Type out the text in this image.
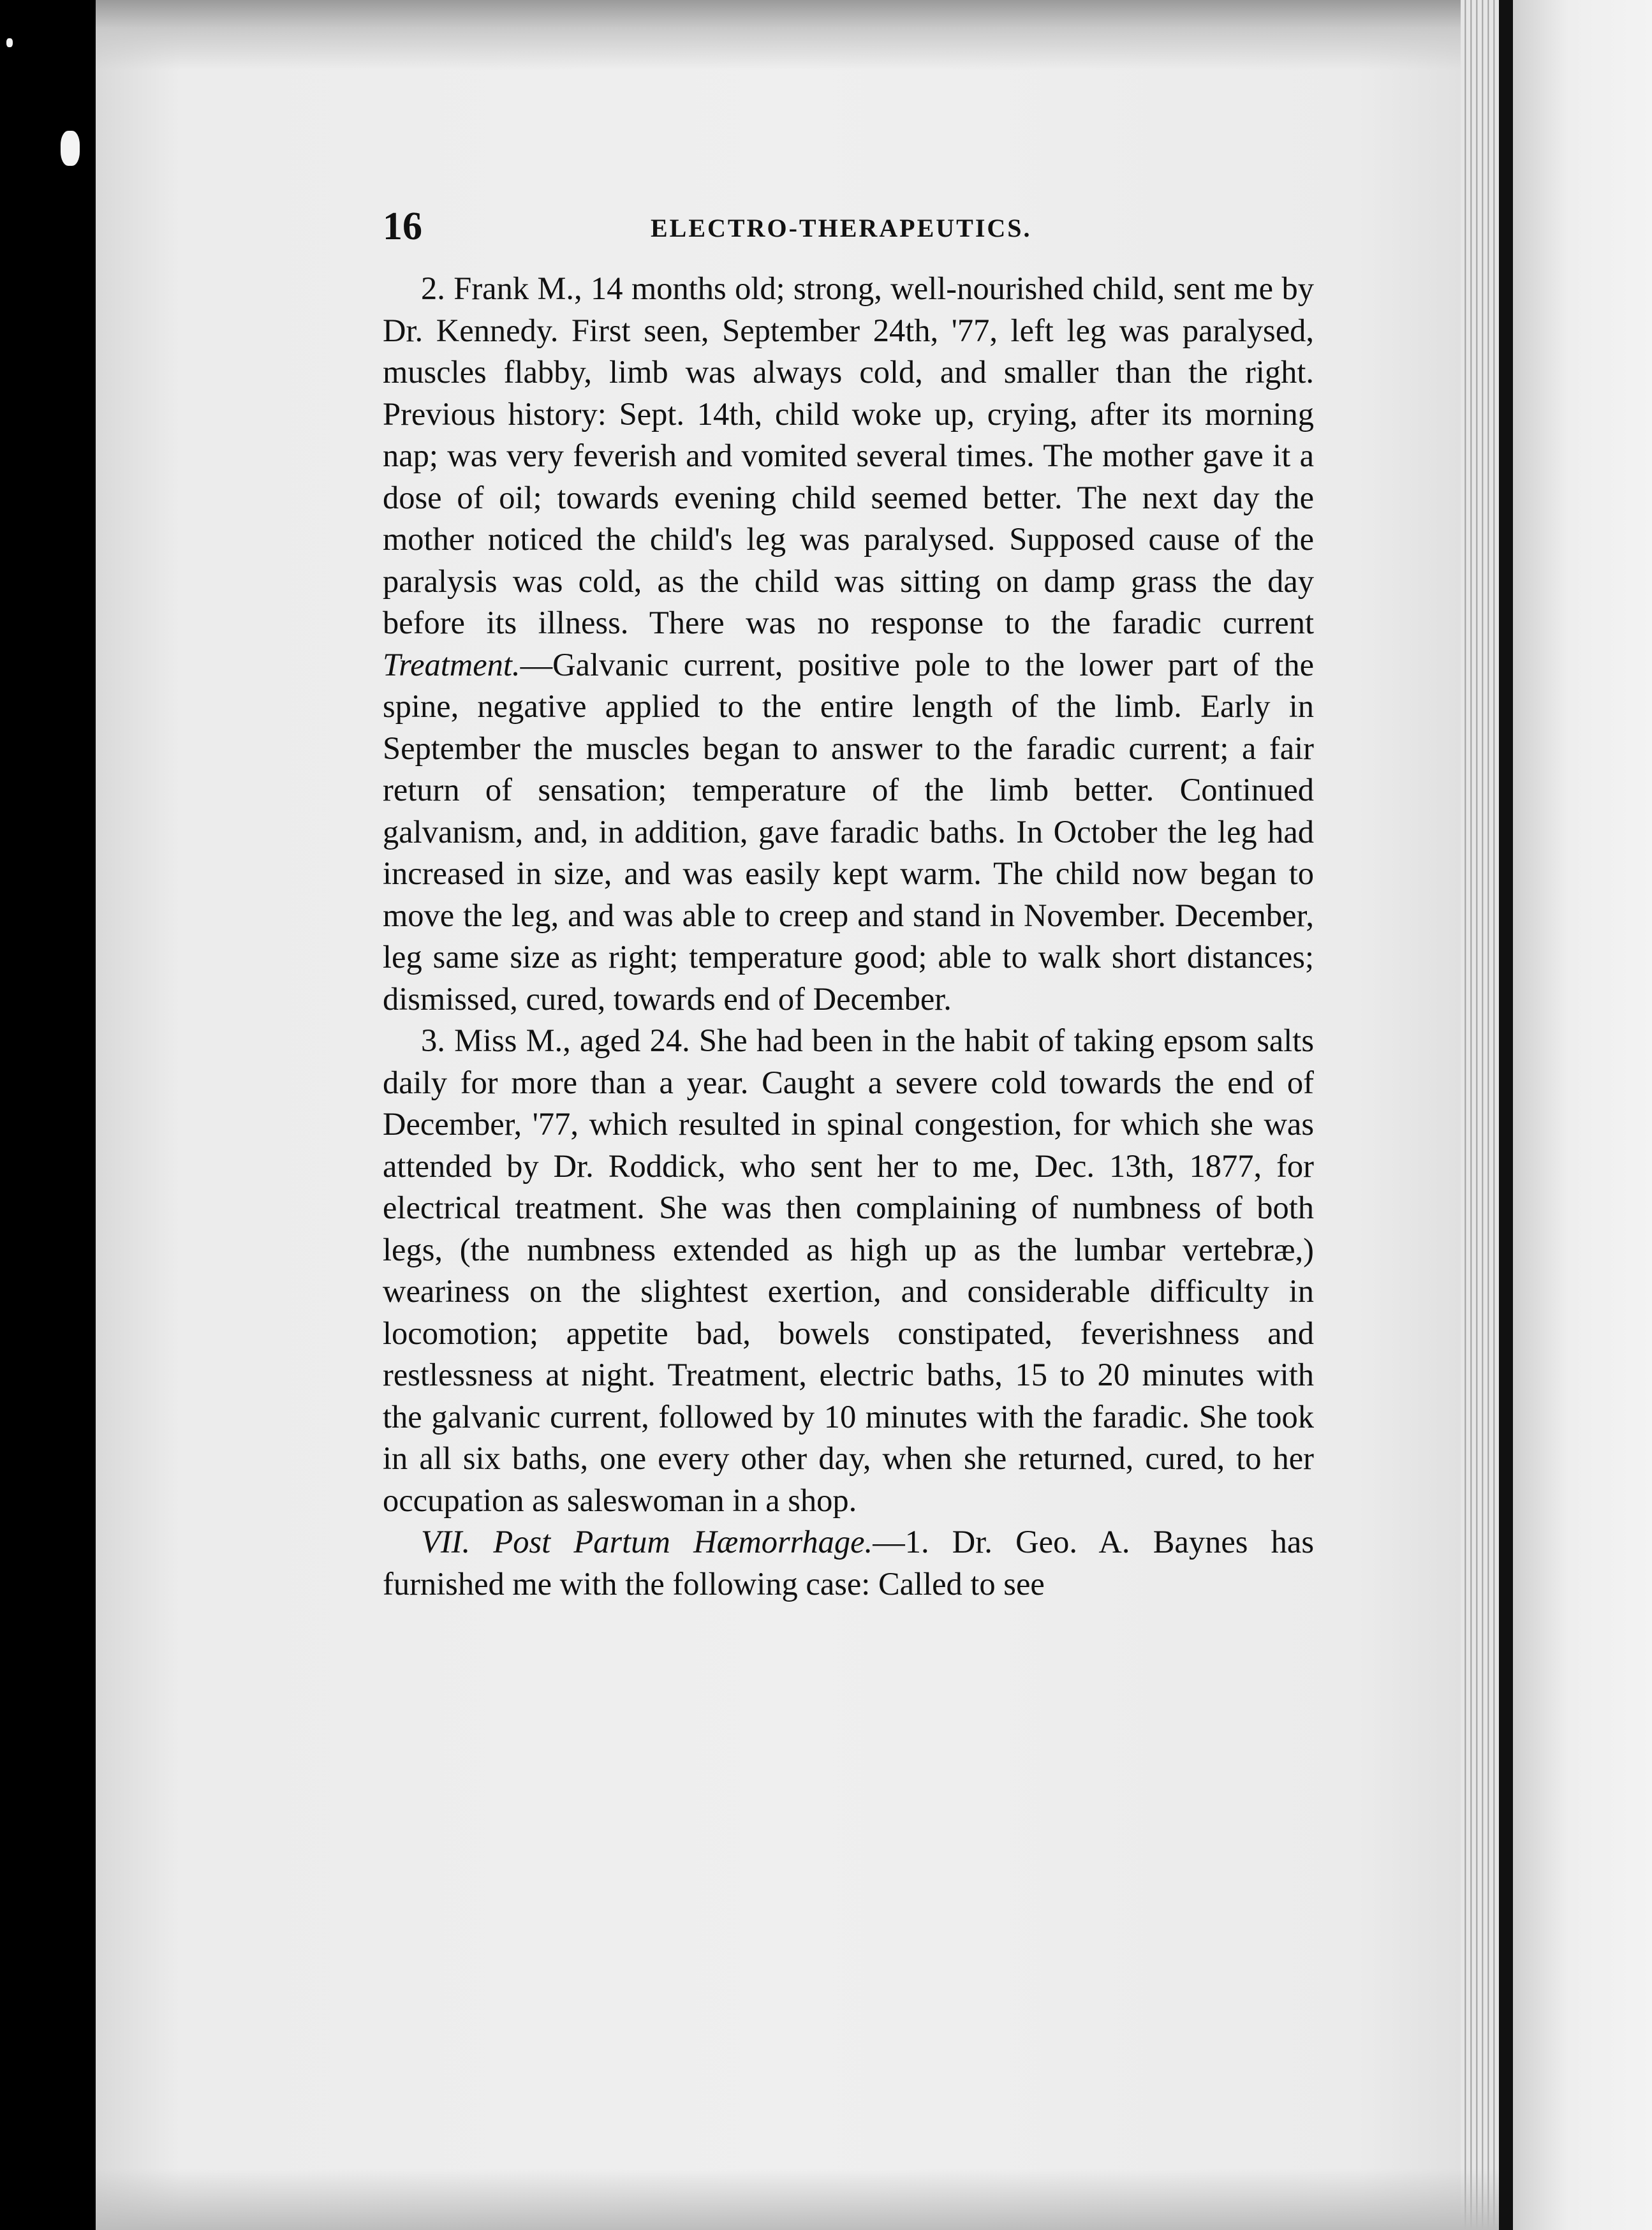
16	ELECTRO-THERAPEUTICS.

2. Frank M., 14 months old; strong, well-nourished child, sent me by Dr. Kennedy. First seen, September 24th, '77, left leg was paralysed, muscles flabby, limb was always cold, and smaller than the right. Previous history: Sept. 14th, child woke up, crying, after its morning nap; was very feverish and vomited several times. The mother gave it a dose of oil; towards evening child seemed better. The next day the mother noticed the child's leg was paralysed. Supposed cause of the paralysis was cold, as the child was sitting on damp grass the day before its illness. There was no response to the faradic current Treatment.—Galvanic current, positive pole to the lower part of the spine, negative applied to the entire length of the limb. Early in September the muscles began to answer to the faradic current; a fair return of sensation; temperature of the limb better. Continued galvanism, and, in addition, gave faradic baths. In October the leg had increased in size, and was easily kept warm. The child now began to move the leg, and was able to creep and stand in November. December, leg same size as right; temperature good; able to walk short distances; dismissed, cured, towards end of December.

3. Miss M., aged 24. She had been in the habit of taking epsom salts daily for more than a year. Caught a severe cold towards the end of December, '77, which resulted in spinal congestion, for which she was attended by Dr. Roddick, who sent her to me, Dec. 13th, 1877, for electrical treatment. She was then complaining of numbness of both legs, (the numbness extended as high up as the lumbar vertebræ,) weariness on the slightest exertion, and considerable difficulty in locomotion; appetite bad, bowels constipated, feverishness and restlessness at night. Treatment, electric baths, 15 to 20 minutes with the galvanic current, followed by 10 minutes with the faradic. She took in all six baths, one every other day, when she returned, cured, to her occupation as saleswoman in a shop.

VII. Post Partum Hæmorrhage.—1. Dr. Geo. A. Baynes has furnished me with the following case: Called to see
